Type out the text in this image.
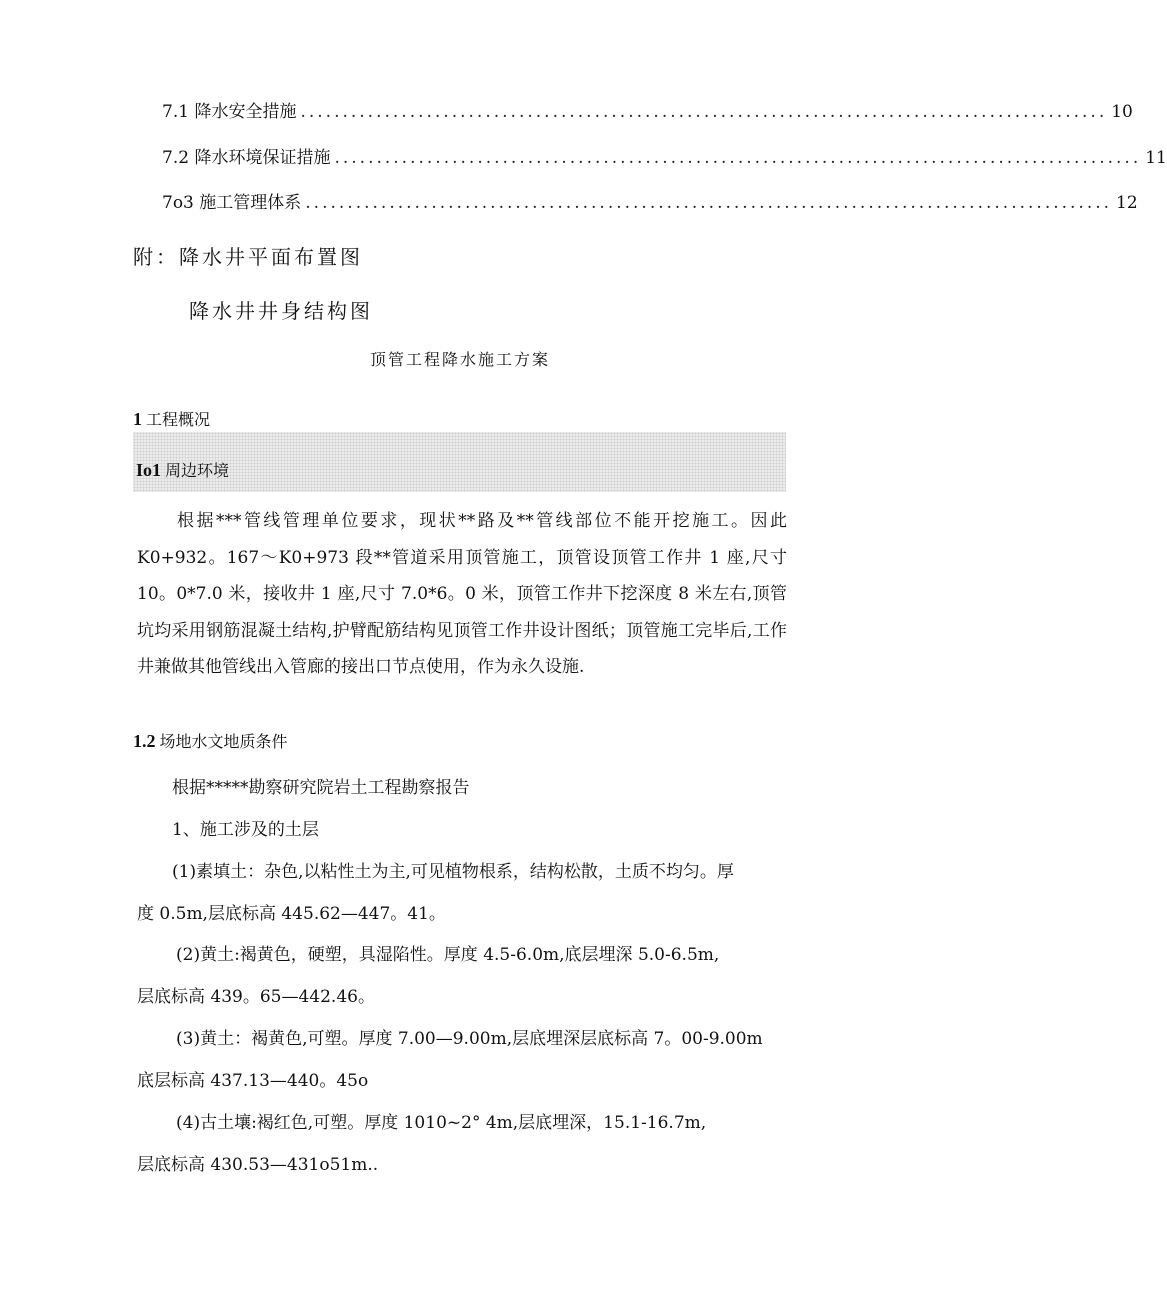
7.1 降水安全措施 ................................................................................................ 10
7.2 降水环境保证措施 ................................................................................................ 11
7o3 施工管理体系 ................................................................................................ 12
附：降水井平面布置图
降水井井身结构图
顶管工程降水施工方案
1 工程概况
Io1 周边环境

根据***管线管理单位要求，现状**路及**管线部位不能开挖施工。因此K0+932。167～K0+973 段**管道采用顶管施工，顶管设顶管工作井 1 座,尺寸10。0*7.0 米，接收井 1 座,尺寸 7.0*6。0 米，顶管工作井下挖深度 8 米左右,顶管坑均采用钢筋混凝土结构,护臂配筋结构见顶管工作井设计图纸；顶管施工完毕后,工作井兼做其他管线出入管廊的接出口节点使用，作为永久设施.

1.2 场地水文地质条件
根据*****勘察研究院岩土工程勘察报告
1、施工涉及的土层
(1)素填土：杂色,以粘性土为主,可见植物根系，结构松散，土质不均匀。厚
度 0.5m,层底标高 445.62—447。41。
(2)黄土:褐黄色，硬塑，具湿陷性。厚度 4.5-6.0m,底层埋深 5.0-6.5m,
层底标高 439。65—442.46。
(3)黄土：褐黄色,可塑。厚度 7.00—9.00m,层底埋深层底标高 7。00-9.00m
底层标高 437.13—440。45o
(4)古土壤:褐红色,可塑。厚度 1010~2° 4m,层底埋深，15.1-16.7m,
层底标高 430.53—431o51m..
